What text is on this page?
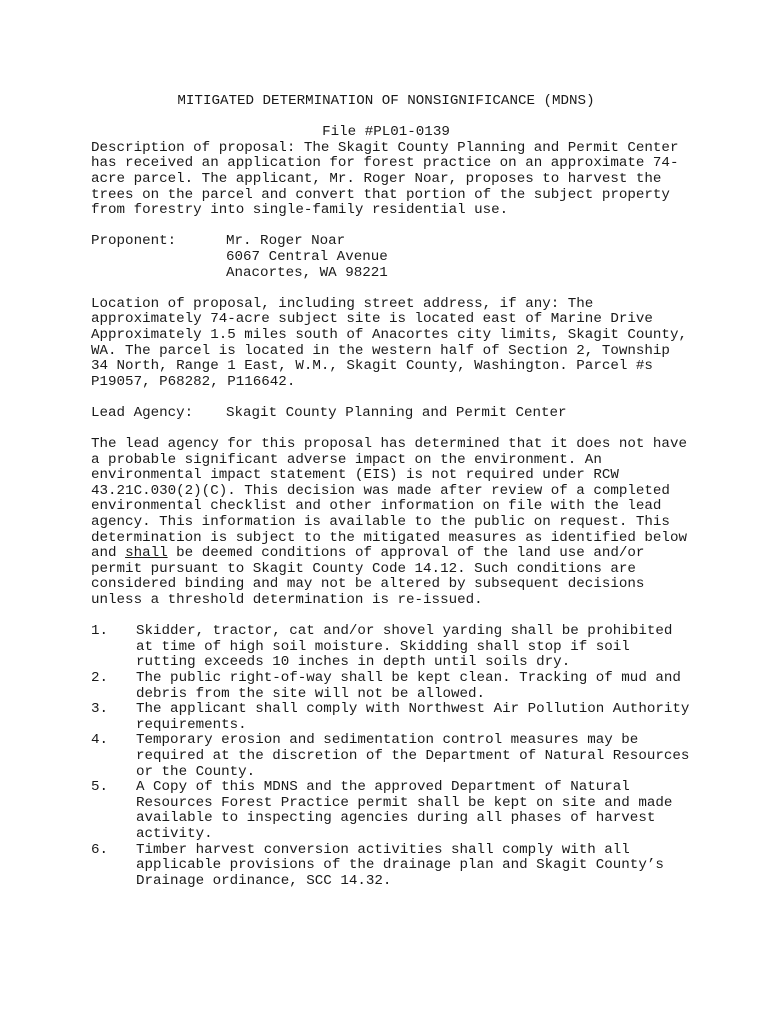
MITIGATED DETERMINATION OF NONSIGNIFICANCE (MDNS)
File #PL01-0139

Description of proposal: The Skagit County Planning and Permit Center has received an application for forest practice on an approximate 74-acre parcel. The applicant, Mr. Roger Noar, proposes to harvest the trees on the parcel and convert that portion of the subject property from forestry into single-family residential use.

Proponent:	Mr. Roger Noar
6067 Central Avenue
Anacortes, WA 98221

Location of proposal, including street address, if any: The approximately 74-acre subject site is located east of Marine Drive Approximately 1.5 miles south of Anacortes city limits, Skagit County, WA. The parcel is located in the western half of Section 2, Township 34 North, Range 1 East, W.M., Skagit County, Washington. Parcel #s P19057, P68282, P116642.

Lead Agency:	Skagit County Planning and Permit Center

The lead agency for this proposal has determined that it does not have a probable significant adverse impact on the environment. An environmental impact statement (EIS) is not required under RCW 43.21C.030(2)(C). This decision was made after review of a completed environmental checklist and other information on file with the lead agency. This information is available to the public on request. This determination is subject to the mitigated measures as identified below and shall be deemed conditions of approval of the land use and/or permit pursuant to Skagit County Code 14.12. Such conditions are considered binding and may not be altered by subsequent decisions unless a threshold determination is re-issued.

1.	Skidder, tractor, cat and/or shovel yarding shall be prohibited at time of high soil moisture. Skidding shall stop if soil rutting exceeds 10 inches in depth until soils dry.
2.	The public right-of-way shall be kept clean. Tracking of mud and debris from the site will not be allowed.
3.	The applicant shall comply with Northwest Air Pollution Authority requirements.
4.	Temporary erosion and sedimentation control measures may be required at the discretion of the Department of Natural Resources or the County.
5.	A Copy of this MDNS and the approved Department of Natural Resources Forest Practice permit shall be kept on site and made available to inspecting agencies during all phases of harvest activity.
6.	Timber harvest conversion activities shall comply with all applicable provisions of the drainage plan and Skagit County’s Drainage ordinance, SCC 14.32.
